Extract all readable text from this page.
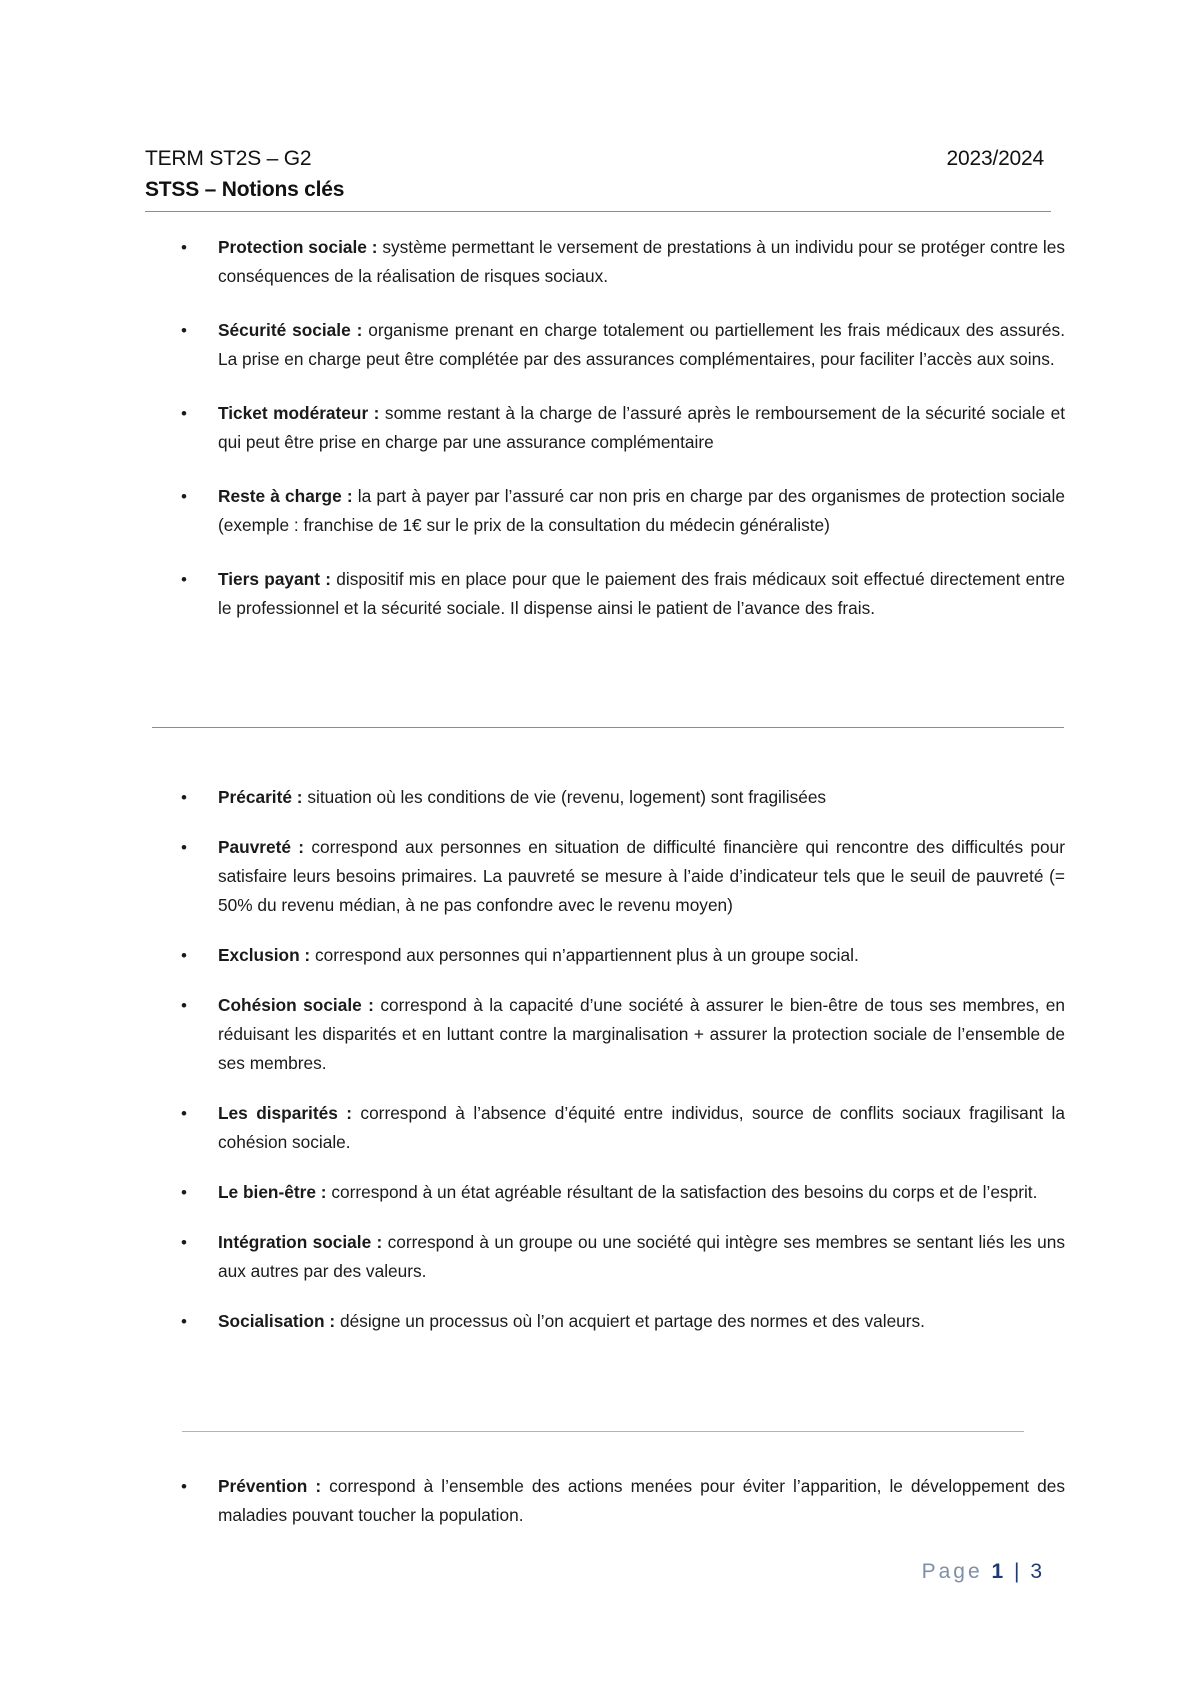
TERM ST2S – G2	2023/2024
STSS – Notions clés
• Protection sociale : système permettant le versement de prestations à un individu pour se protéger contre les conséquences de la réalisation de risques sociaux.
• Sécurité sociale : organisme prenant en charge totalement ou partiellement les frais médicaux des assurés. La prise en charge peut être complétée par des assurances complémentaires, pour faciliter l’accès aux soins.
• Ticket modérateur : somme restant à la charge de l’assuré après le remboursement de la sécurité sociale et qui peut être prise en charge par une assurance complémentaire
• Reste à charge : la part à payer par l’assuré car non pris en charge par des organismes de protection sociale (exemple : franchise de 1€ sur le prix de la consultation du médecin généraliste)
• Tiers payant : dispositif mis en place pour que le paiement des frais médicaux soit effectué directement entre le professionnel et la sécurité sociale. Il dispense ainsi le patient de l’avance des frais.
• Précarité : situation où les conditions de vie (revenu, logement) sont fragilisées
• Pauvreté : correspond aux personnes en situation de difficulté financière qui rencontre des difficultés pour satisfaire leurs besoins primaires. La pauvreté se mesure à l’aide d’indicateur tels que le seuil de pauvreté (= 50% du revenu médian, à ne pas confondre avec le revenu moyen)
• Exclusion : correspond aux personnes qui n’appartiennent plus à un groupe social.
• Cohésion sociale : correspond à la capacité d’une société à assurer le bien-être de tous ses membres, en réduisant les disparités et en luttant contre la marginalisation + assurer la protection sociale de l’ensemble de ses membres.
• Les disparités : correspond à l’absence d’équité entre individus, source de conflits sociaux fragilisant la cohésion sociale.
• Le bien-être : correspond à un état agréable résultant de la satisfaction des besoins du corps et de l’esprit.
• Intégration sociale : correspond à un groupe ou une société qui intègre ses membres se sentant liés les uns aux autres par des valeurs.
• Socialisation : désigne un processus où l’on acquiert et partage des normes et des valeurs.
• Prévention : correspond à l’ensemble des actions menées pour éviter l’apparition, le développement des maladies pouvant toucher la population.
Page 1 | 3
